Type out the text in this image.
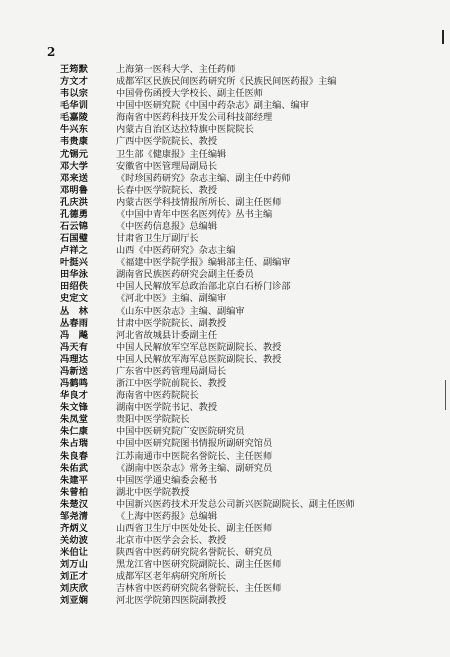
2
王筠默	上海第一医科大学、主任药师
方文才	成都军区民族民间医药研究所《民族民间医药报》主编
韦以宗	中国骨伤函授大学校长、副主任医师
毛华训	中国中医研究院《中国中药杂志》副主编、编审
毛嘉陵	海南省中医药科技开发公司科技部经理
牛兴东	内蒙古自治区达拉特旗中医院院长
韦贵康	广西中医学院院长、教授
尤锡元	卫生部《健康报》主任编辑
邓大学	安徽省中医管理局副局长
邓来送	《时珍国药研究》杂志主编、副主任中药师
邓明鲁	长春中医学院院长、教授
孔庆洪	内蒙古医学科技情报所所长、副主任医师
孔德勇	《中国中青年中医名医列传》丛书主编
石云锦	《中医药信息报》总编辑
石国璧	甘肃省卫生厅副厅长
卢祥之	山西《中医药研究》杂志主编
叶挺兴	《福建中医学院学报》编辑部主任、副编审
田华泳	湖南省民族医药研究会副主任委员
田绍佚	中国人民解放军总政治部北京白石桥门诊部
史定文	《河北中医》主编、副编审
丛　林	《山东中医杂志》主编、副编审
丛春雨	甘肃中医学院院长、副教授
冯　飚	河北省故城县计委副主任
冯天有	中国人民解放军空军总医院副院长、教授
冯理达	中国人民解放军海军总医院副院长、教授
冯新送	广东省中医药管理局副局长
冯鹤鸣	浙江中医学院前院长、教授
华良才	海南省中医药院院长
朱文锋	湖南中医学院书记、教授
朱凤堂	贵阳中医学院院长
朱仁康	中国中医研究院广安医院研究员
朱占瑞	中国中医研究院图书情报所副研究馆员
朱良春	江苏南通市中医院名誉院长、主任医师
朱佑武	《湖南中医杂志》常务主编、副研究员
朱建平	中国医学通史编委会秘书
朱曾柏	湖北中医学院教授
朱楚汉	中国新兴医药技术开发总公司新兴医院副院长、副主任医师
邹尧清	《上海中医药报》总编辑
齐炳义	山西省卫生厅中医处处长、副主任医师
关幼波	北京市中医学会会长、教授
米伯让	陕西省中医药研究院名誉院长、研究员
刘万山	黑龙江省中医研究院副院长、副主任医师
刘正才	成都军区老年病研究所所长
刘庆欣	吉林省中医药研究院名誉院长、主任医师
刘亚娴	河北医学院第四医院副教授
